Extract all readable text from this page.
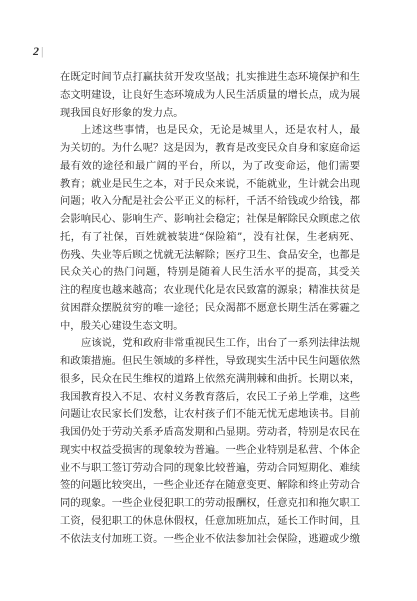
2 |
在既定时间节点打赢扶贫开发攻坚战；扎实推进生态环境保护和生
态文明建设，让良好生态环境成为人民生活质量的增长点，成为展
现我国良好形象的发力点。
上述这些事情，也是民众，无论是城里人，还是农村人，最
为关切的。为什么呢？这是因为，教育是改变民众自身和家庭命运
最有效的途径和最广阔的平台，所以，为了改变命运，他们需要
教育；就业是民生之本，对于民众来说，不能就业，生计就会出现
问题；收入分配是社会公平正义的标杆，千活不给钱或少给钱，都
会影响民心、影响生产、影响社会稳定；社保是解除民众顾虑之依
托，有了社保，百姓就被装进“保险箱”，没有社保，生老病死、
伤残、失业等后顾之忧就无法解除；医疗卫生、食品安全，也都是
民众关心的热门问题，特别是随着人民生活水平的提高，其受关
注的程度也越来越高；农业现代化是农民致富的源泉；精准扶贫是
贫困群众摆脱贫穷的唯一途径；民众渴都不愿意长期生活在雾霾之
中，殷关心建设生态文明。
应该说，党和政府非常重视民生工作，出台了一系列法律法规
和政策措施。但民生领域的多样性，导致现实生活中民生问题依然
很多，民众在民生维权的道路上依然充满荆棘和曲折。长期以来，
我国教育投入不足、农村义务教育落后，农民工子弟上学难，这些
问题让农民家长们发愁，让农村孩子们不能无忧无虑地读书。目前
我国仍处于劳动关系矛盾高发期和凸显期。劳动者，特别是农民在
现实中权益受损害的现象较为普遍。一些企业特别是私营、个体企
业不与职工签订劳动合同的现象比较普遍，劳动合同短期化、难续
签的问题比较突出，一些企业还存在随意变更、解除和终止劳动合
同的现象。一些企业侵犯职工的劳动报酬权，任意克扣和拖欠职工
工资，侵犯职工的休息休假权，任意加班加点，延长工作时间，且
不依法支付加班工资。一些企业不依法参加社会保险，逃避或少缴
